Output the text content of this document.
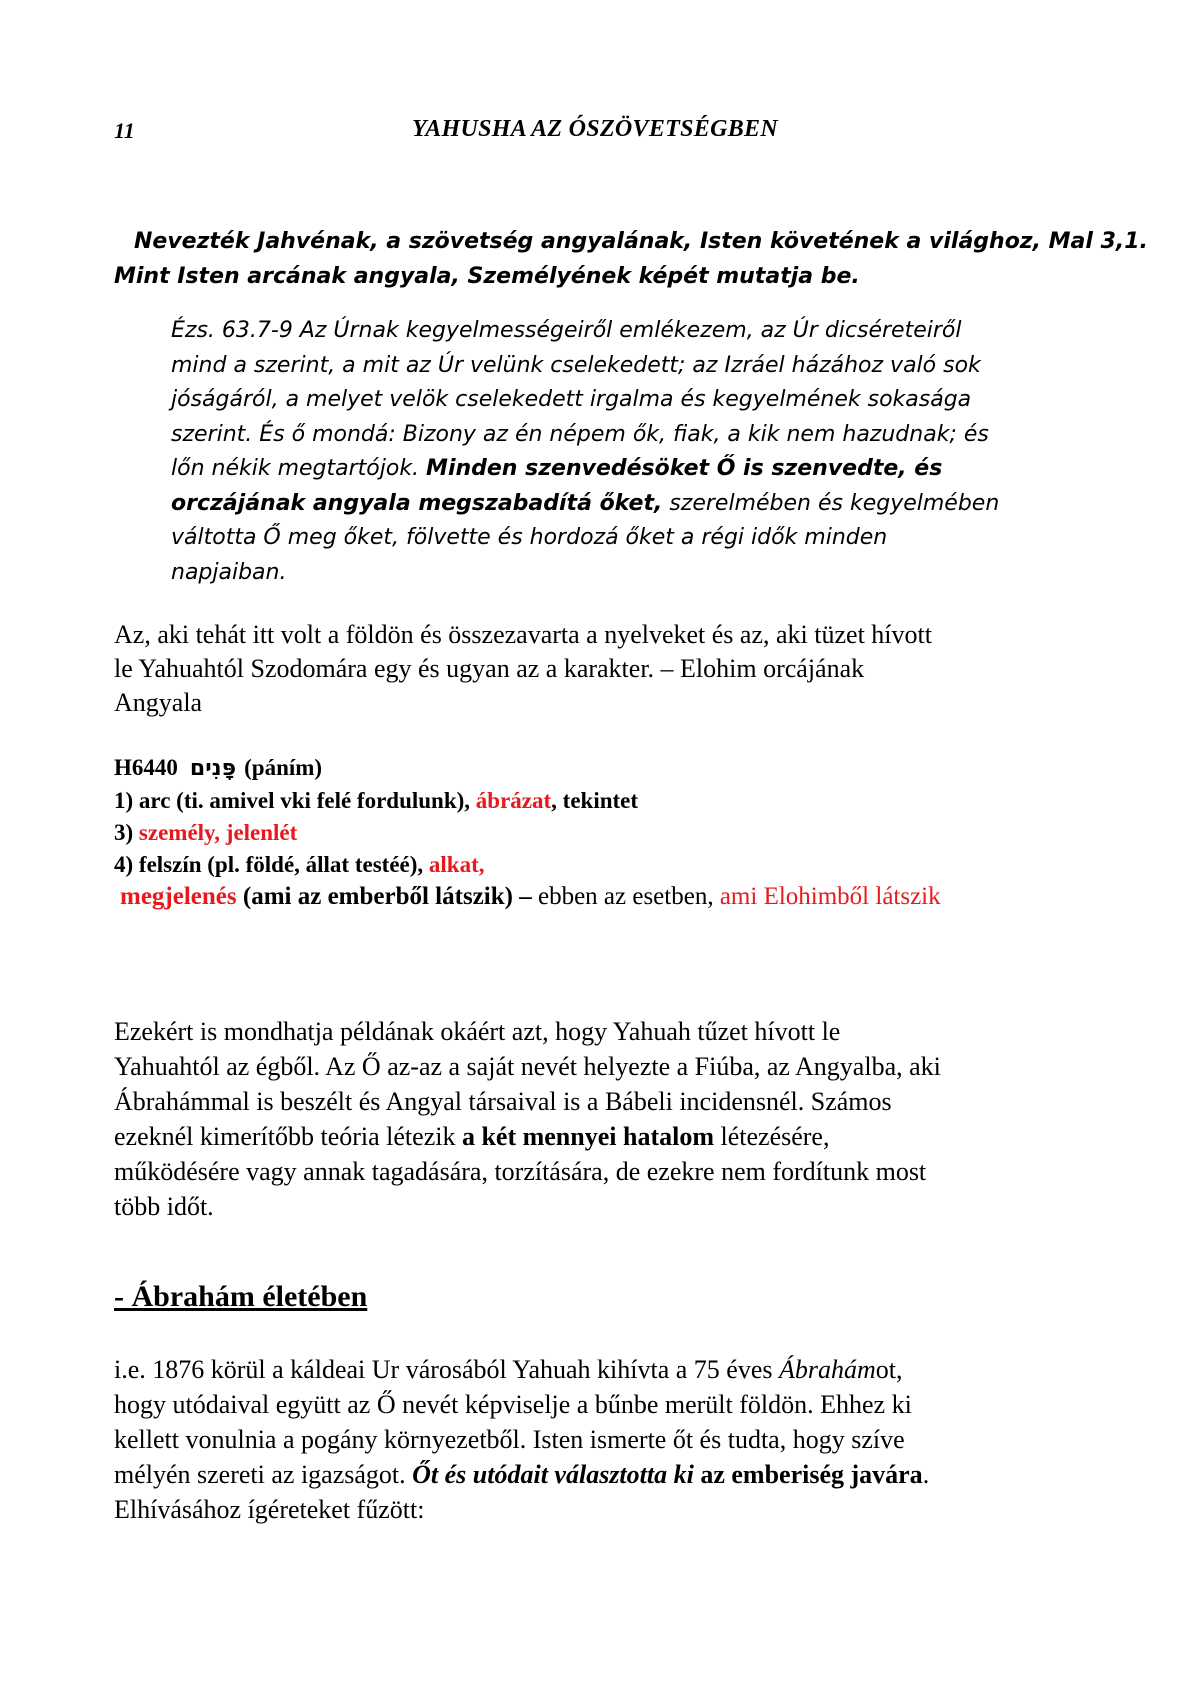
11	YAHUSHA AZ ÓSZÖVETSÉGBEN
Nevezték Jahvénak, a szövetség angyalának, Isten követének a világhoz, Mal 3,1.
Mint Isten arcának angyala, Személyének képét mutatja be.
Ézs. 63.7-9 Az Úrnak kegyelmességeiről emlékezem, az Úr dicséreteiről
mind a szerint, a mit az Úr velünk cselekedett; az Izráel házához való sok
jóságáról, a melyet velök cselekedett irgalma és kegyelmének sokasága
szerint. És ő mondá: Bizony az én népem ők, fiak, a kik nem hazudnak; és
lőn nékik megtartójok. Minden szenvedésöket Ő is szenvedte, és
orczájának angyala megszabadítá őket, szerelmében és kegyelmében
váltotta Ő meg őket, fölvette és hordozá őket a régi idők minden
napjaiban.
Az, aki tehát itt volt a földön és összezavarta a nyelveket és az, aki tüzet hívott
le Yahuahtól Szodomára egy és ugyan az a karakter. – Elohim orcájának
Angyala
H6440 פָּנִים (páním)
1) arc (ti. amivel vki felé fordulunk), ábrázat, tekintet
3) személy, jelenlét
4) felszín (pl. földé, állat testéé), alkat,
megjelenés (ami az emberből látszik) – ebben az esetben, ami Elohimből látszik
Ezekért is mondhatja példának okáért azt, hogy Yahuah tűzet hívott le
Yahuahtól az égből. Az Ő az-az a saját nevét helyezte a Fiúba, az Angyalba, aki
Ábrahámmal is beszélt és Angyal társaival is a Bábeli incidensnél. Számos
ezeknél kimerítőbb teória létezik a két mennyei hatalom létezésére,
működésére vagy annak tagadására, torzítására, de ezekre nem fordítunk most
több időt.
- Ábrahám életében
i.e. 1876 körül a káldeai Ur városából Yahuah kihívta a 75 éves Ábrahámot,
hogy utódaival együtt az Ő nevét képviselje a bűnbe merült földön. Ehhez ki
kellett vonulnia a pogány környezetből. Isten ismerte őt és tudta, hogy szíve
mélyén szereti az igazságot. Őt és utódait választotta ki az emberiség javára.
Elhívásához ígéreteket fűzött:
